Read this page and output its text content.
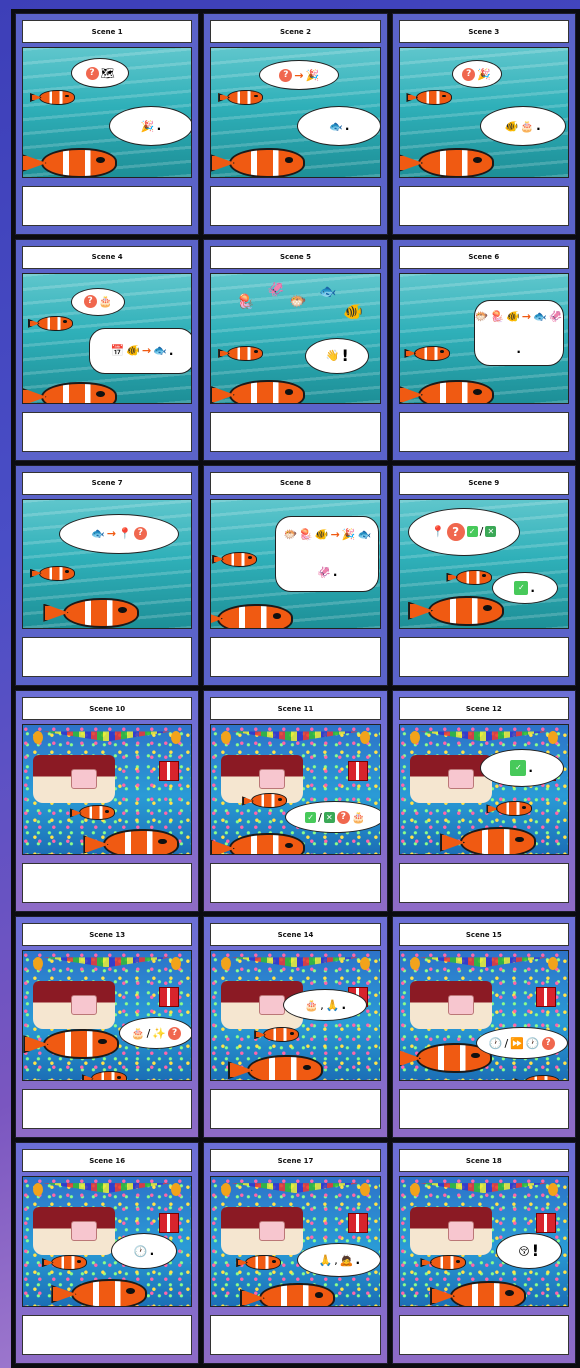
Scene 1
? 🗺
🎉 .
Scene 2
? → 🎉
🐟 .
Scene 3
? 🎉
🐠 🎂 .
Scene 4
? 🎂
📅 🐠 → 🐟 .
Scene 5
🪼
🦑
🐡
🐟
🐠
👋 !
Scene 6
🐡 🪼 🐠 → 🐟 🦑
.
Scene 7
🐟 → 📍 ?
Scene 8
🐡 🪼 🐠 → 🎉 🐟
🦑 .
Scene 9
📍 ?	✓ / ✕
✓ .
Scene 10	Scene 11
✓ / ✕ ? 🎂
Scene 12
✓ .
Scene 13
🎂 / ✨ ?
Scene 14
🎂 , 🙏 .
Scene 15
🕐 / ⏩ 🕐 ?
Scene 16
🕐 .
Scene 17
🙏 , 🙇 .
Scene 18
😚 !
